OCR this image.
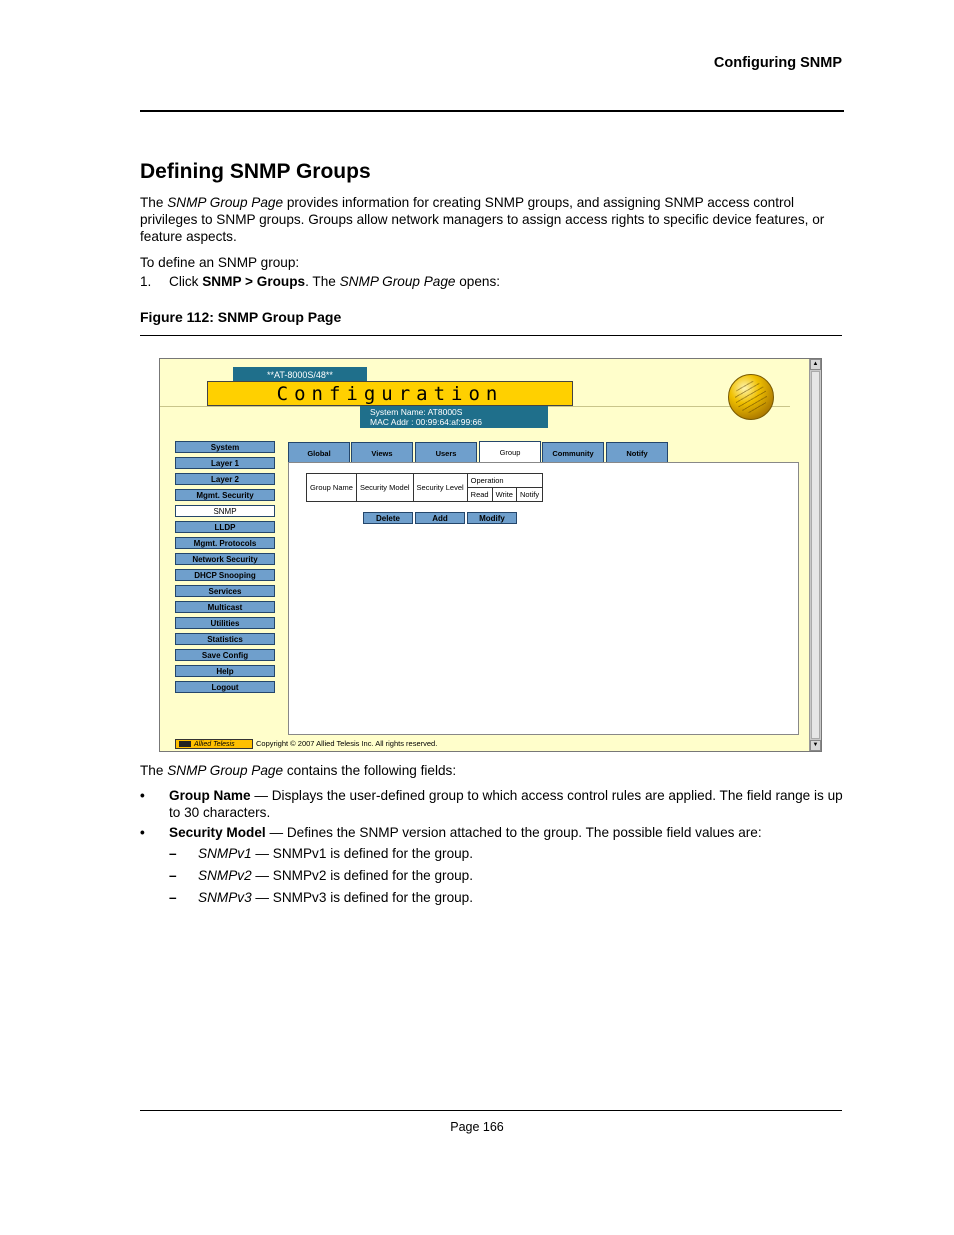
Configuring SNMP
Defining SNMP Groups

The SNMP Group Page provides information for creating SNMP groups, and assigning SNMP access control privileges to SNMP groups. Groups allow network managers to assign access rights to specific device features, or feature aspects.

To define an SNMP group:

1. Click SNMP > Groups. The SNMP Group Page opens:

Figure 112: SNMP Group Page
**AT-8000S/48**
Configuration
System Name: AT8000S
MAC Addr : 00:99:64:af:99:66
System
Layer 1
Layer 2
Mgmt. Security
SNMP
LLDP
Mgmt. Protocols
Network Security
DHCP Snooping
Services
Multicast
Utilities
Statistics
Save Config
Help
Logout
Global	Views	Users	Group	Community	Notify
Group Name	Security Model	Security Level	Operation		
			Read	Write	Notify
Delete	Add	Modify
Allied Telesis	Copyright © 2007 Allied Telesis Inc. All rights reserved.
▲
▼

The SNMP Group Page contains the following fields:

• Group Name — Displays the user-defined group to which access control rules are applied. The field range is up to 30 characters.
• Security Model — Defines the SNMP version attached to the group. The possible field values are:
– SNMPv1 — SNMPv1 is defined for the group.
– SNMPv2 — SNMPv2 is defined for the group.
– SNMPv3 — SNMPv3 is defined for the group.
Page 166
